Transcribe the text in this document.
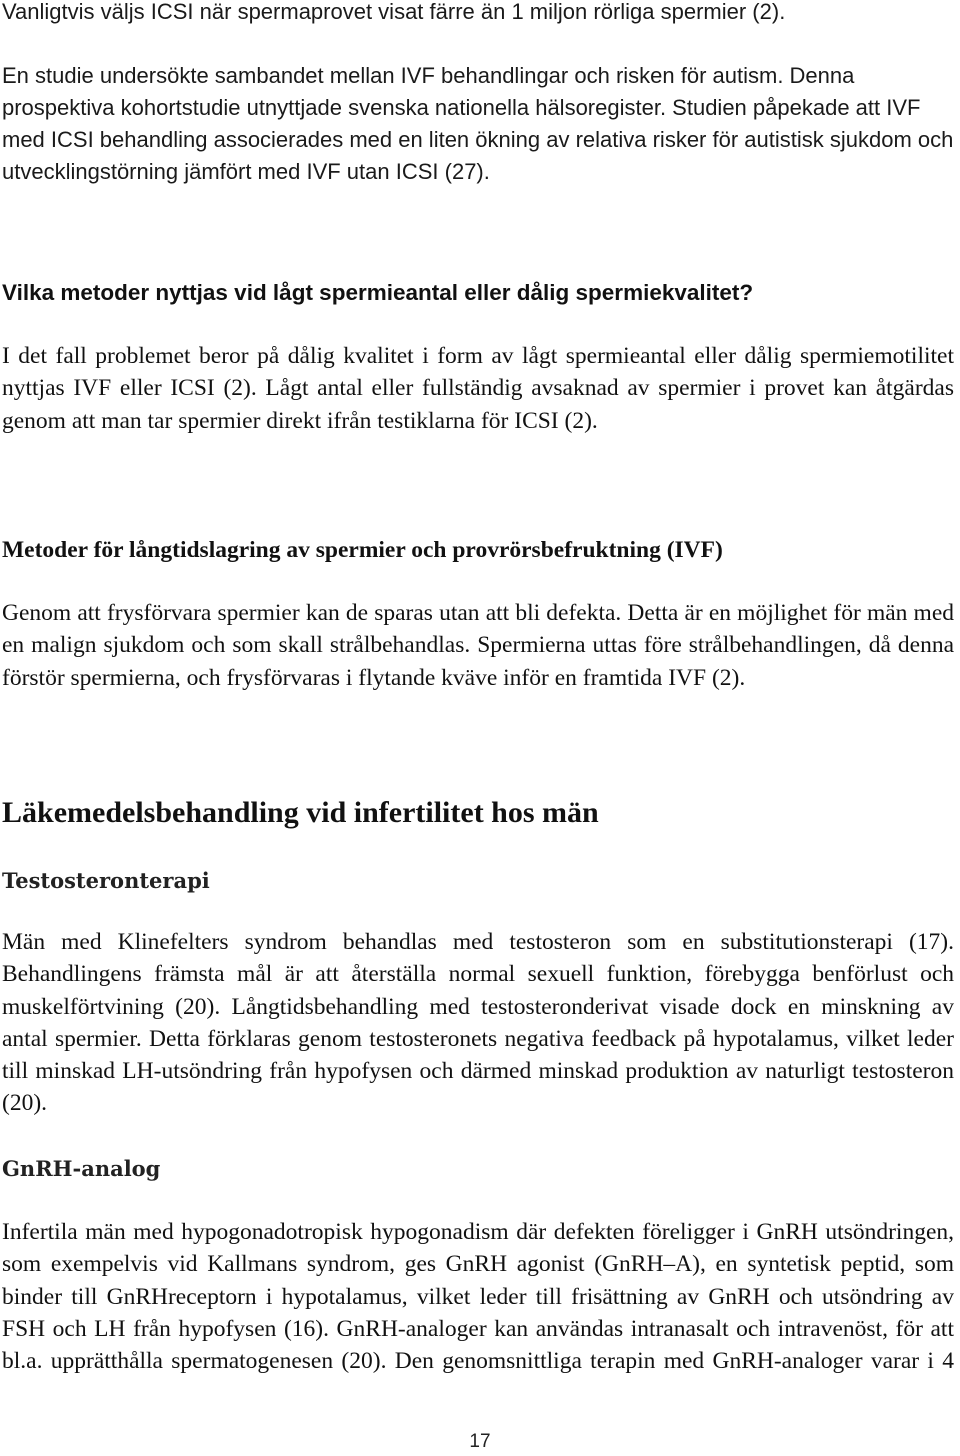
Vanligtvis väljs ICSI när spermaprovet visat färre än 1 miljon rörliga spermier (2).

En studie undersökte sambandet mellan IVF behandlingar och risken för autism. Denna prospektiva kohortstudie utnyttjade svenska nationella hälsoregister. Studien påpekade att IVF med ICSI behandling associerades med en liten ökning av relativa risker för autistisk sjukdom och utvecklingstörning jämfört med IVF utan ICSI (27).

Vilka metoder nyttjas vid lågt spermieantal eller dålig spermiekvalitet?

I det fall problemet beror på dålig kvalitet i form av lågt spermieantal eller dålig spermiemotilitet nyttjas IVF eller ICSI (2). Lågt antal eller fullständig avsaknad av spermier i provet kan åtgärdas genom att man tar spermier direkt ifrån testiklarna för ICSI (2).

Metoder för långtidslagring av spermier och provrörsbefruktning (IVF)

Genom att frysförvara spermier kan de sparas utan att bli defekta. Detta är en möjlighet för män med en malign sjukdom och som skall strålbehandlas. Spermierna uttas före strålbehandlingen, då denna förstör spermierna, och frysförvaras i flytande kväve inför en framtida IVF (2).

Läkemedelsbehandling vid infertilitet hos män
Testosteronterapi

Män med Klinefelters syndrom behandlas med testosteron som en substitutionsterapi (17). Behandlingens främsta mål är att återställa normal sexuell funktion, förebygga benförlust och muskelförtvining (20). Långtidsbehandling med testosteronderivat visade dock en minskning av antal spermier. Detta förklaras genom testosteronets negativa feedback på hypotalamus, vilket leder till minskad LH-utsöndring från hypofysen och därmed minskad produktion av naturligt testosteron (20).

GnRH-analog

Infertila män med hypogonadotropisk hypogonadism där defekten föreligger i GnRH utsöndringen, som exempelvis vid Kallmans syndrom, ges GnRH agonist (GnRH–A), en syntetisk peptid, som binder till GnRHreceptorn i hypotalamus, vilket leder till frisättning av GnRH och utsöndring av FSH och LH från hypofysen (16). GnRH-analoger kan användas intranasalt och intravenöst, för att bl.a. upprätthålla spermatogenesen (20). Den genomsnittliga terapin med GnRH-analoger varar i 4

17
